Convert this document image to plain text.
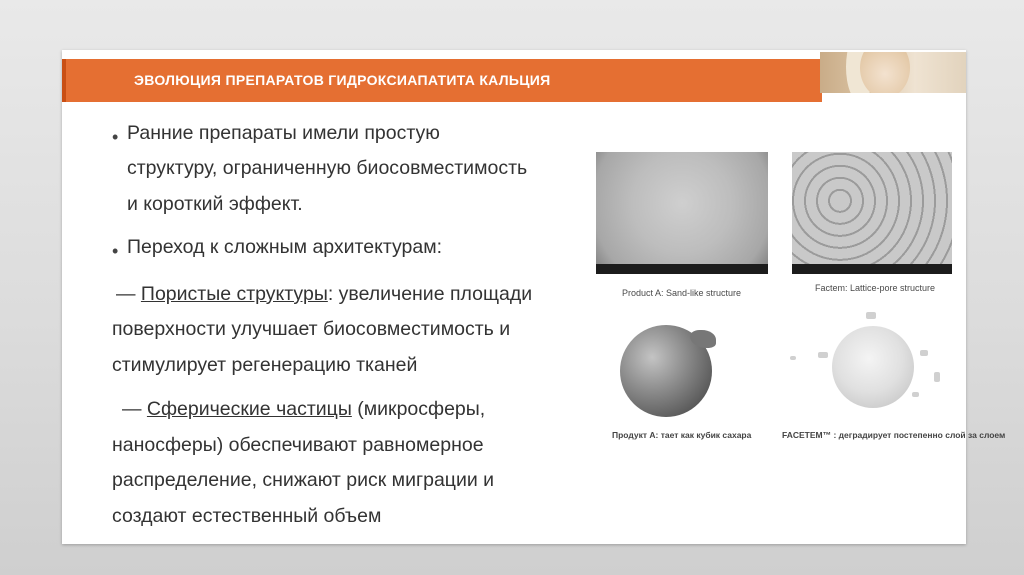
ЭВОЛЮЦИЯ ПРЕПАРАТОВ ГИДРОКСИАПАТИТА КАЛЬЦИЯ
• Ранние препараты имели простую
структуру, ограниченную биосовместимость
и короткий эффект.
• Переход к сложным архитектурам:
— Пористые структуры: увеличение площади
поверхности улучшает биосовместимость и
стимулирует регенерацию тканей
— Сферические частицы (микросферы,
наносферы) обеспечивают равномерное
распределение, снижают риск миграции и
создают естественный объем
Product A: Sand-like structure	Factem: Lattice-pore structure
Продукт А: тает как кубик сахара	FACETEM™ : деградирует постепенно слой за слоем
